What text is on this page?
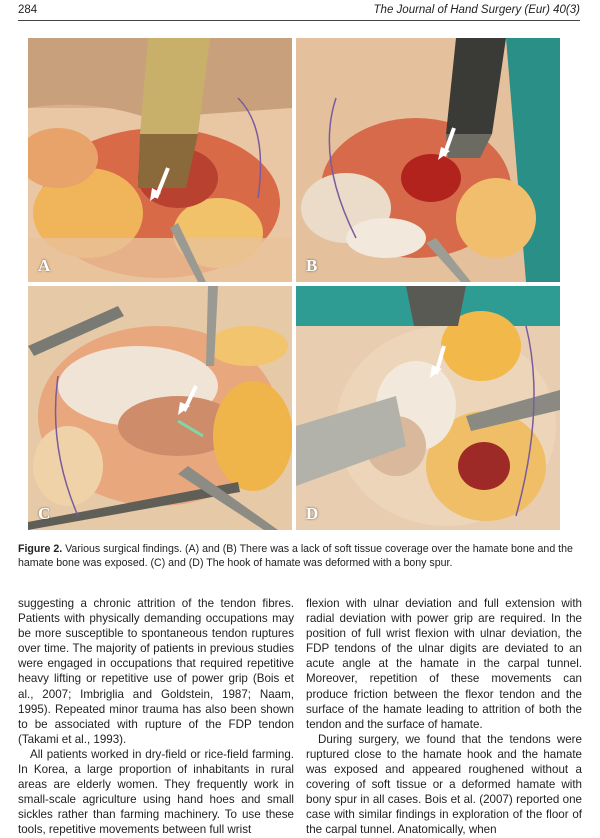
284	The Journal of Hand Surgery (Eur) 40(3)
A	B
C	D
Figure 2. Various surgical findings. (A) and (B) There was a lack of soft tissue coverage over the hamate bone and the hamate bone was exposed. (C) and (D) The hook of hamate was deformed with a bony spur.

suggesting a chronic attrition of the tendon fibres. Patients with physically demanding occupations may be more susceptible to spontaneous tendon ruptures over time. The majority of patients in previous studies were engaged in occupations that required repetitive heavy lifting or repetitive use of power grip (Bois et al., 2007; Imbriglia and Goldstein, 1987; Naam, 1995). Repeated minor trauma has also been shown to be associated with rupture of the FDP tendon (Takami et al., 1993).

All patients worked in dry-field or rice-field farming. In Korea, a large proportion of inhabitants in rural areas are elderly women. They frequently work in small-scale agriculture using hand hoes and small sickles rather than farming machinery. To use these tools, repetitive movements between full wrist

flexion with ulnar deviation and full extension with radial deviation with power grip are required. In the position of full wrist flexion with ulnar deviation, the FDP tendons of the ulnar digits are deviated to an acute angle at the hamate in the carpal tunnel. Moreover, repetition of these movements can produce friction between the flexor tendon and the surface of the hamate leading to attrition of both the tendon and the surface of hamate.

During surgery, we found that the tendons were ruptured close to the hamate hook and the hamate was exposed and appeared roughened without a covering of soft tissue or a deformed hamate with bony spur in all cases. Bois et al. (2007) reported one case with similar findings in exploration of the floor of the carpal tunnel. Anatomically, when
